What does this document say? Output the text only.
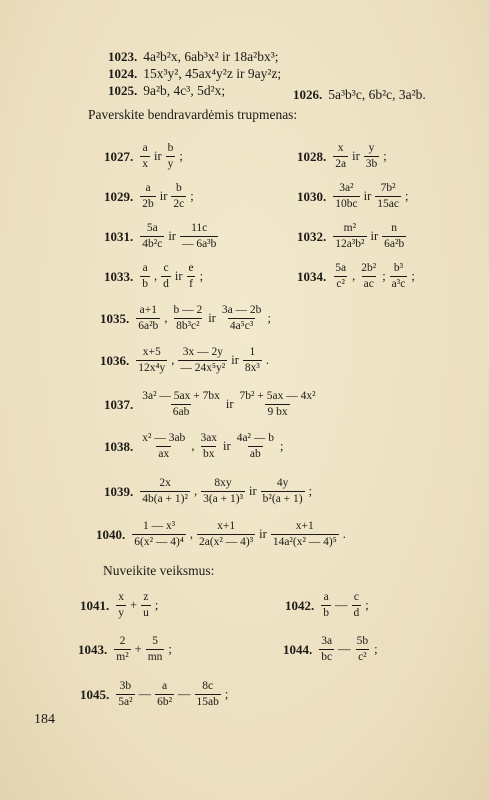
1023. 4a²b²x, 6ab³x² ir 18a²bx³;
1024. 15x³y², 45ax⁴y²z ir 9ay²z;
1025. 9a²b, 4c³, 5d²x;	1026. 5a³b³c, 6b²c, 3a²b.
Paverskite bendravardėmis trupmenas:
Nuveikite veiksmus:
1027. $\frac{a}{x}$ ir $\frac{b}{y}$ ;	1028. $\frac{x}{2a}$ ir $\frac{y}{3b}$ ;
1029. $\frac{a}{2b}$ ir $\frac{b}{2c}$ ;	1030. $\frac{\text{3a²}}{10bc}$ ir $\frac{\text{7b²}}{15ac}$ ;
1031. $\frac{5a}{\text{4b²c}}$ ir $\frac{11c}{\text{— 6a³b}}$	1032. $\frac{\text{m²}}{\text{12a³b²}}$ ir $\frac{n}{\text{6a²b}}$
1033. $\frac{a}{b}$ , $\frac{c}{d}$ ir $\frac{e}{f}$ ;	1034. $\frac{5a}{\text{c²}}$ , $\frac{\text{2b²}}{ac}$ ; $\frac{\text{b³}}{\text{a³c}}$ ;
1035. $\frac{a+1}{\text{6a²b}}$ , $\frac{b — 2}{\text{8b³c²}}$ ir $\frac{3a — 2b}{\text{4a⁵c³}}$ ;
1036. $\frac{x+5}{\text{12x⁴y}}$ , $\frac{3x — 2y}{\text{— 24x⁵y²}}$ ir $\frac{1}{\text{8x³}}$ .
1037. $\frac{\text{3a² — 5ax + 7bx}}{6ab}$ ir $\frac{\text{7b² + 5ax — 4x²}}{9 bx}$
1038. $\frac{\text{x² — 3ab}}{ax}$ , $\frac{3ax}{bx}$ ir $\frac{\text{4a² — b}}{ab}$ ;
1039. $\frac{2x}{\text{4b(a + 1)²}}$ , $\frac{8xy}{\text{3(a + 1)³}}$ ir $\frac{4y}{\text{b²(a + 1)}}$ ;
1040. $\frac{\text{1 — x³}}{\text{6(x² — 4)⁴}}$ , $\frac{x+1}{\text{2a(x² — 4)³}}$ ir $\frac{x+1}{\text{14a²(x² — 4)⁵}}$ .
1041. $\frac{x}{y} + \frac{z}{u}$ ;	1042. $\frac{a}{b}$ — $\frac{c}{d}$ ;
1043. $\frac{2}{\text{m²}} + \frac{5}{mn}$ ;	1044. $\frac{3a}{bc}$ — $\frac{5b}{\text{c²}}$ ;
1045. $\frac{3b}{\text{5a²}}$ — $\frac{a}{\text{6b²}}$ — $\frac{8c}{15ab}$ ;
184
